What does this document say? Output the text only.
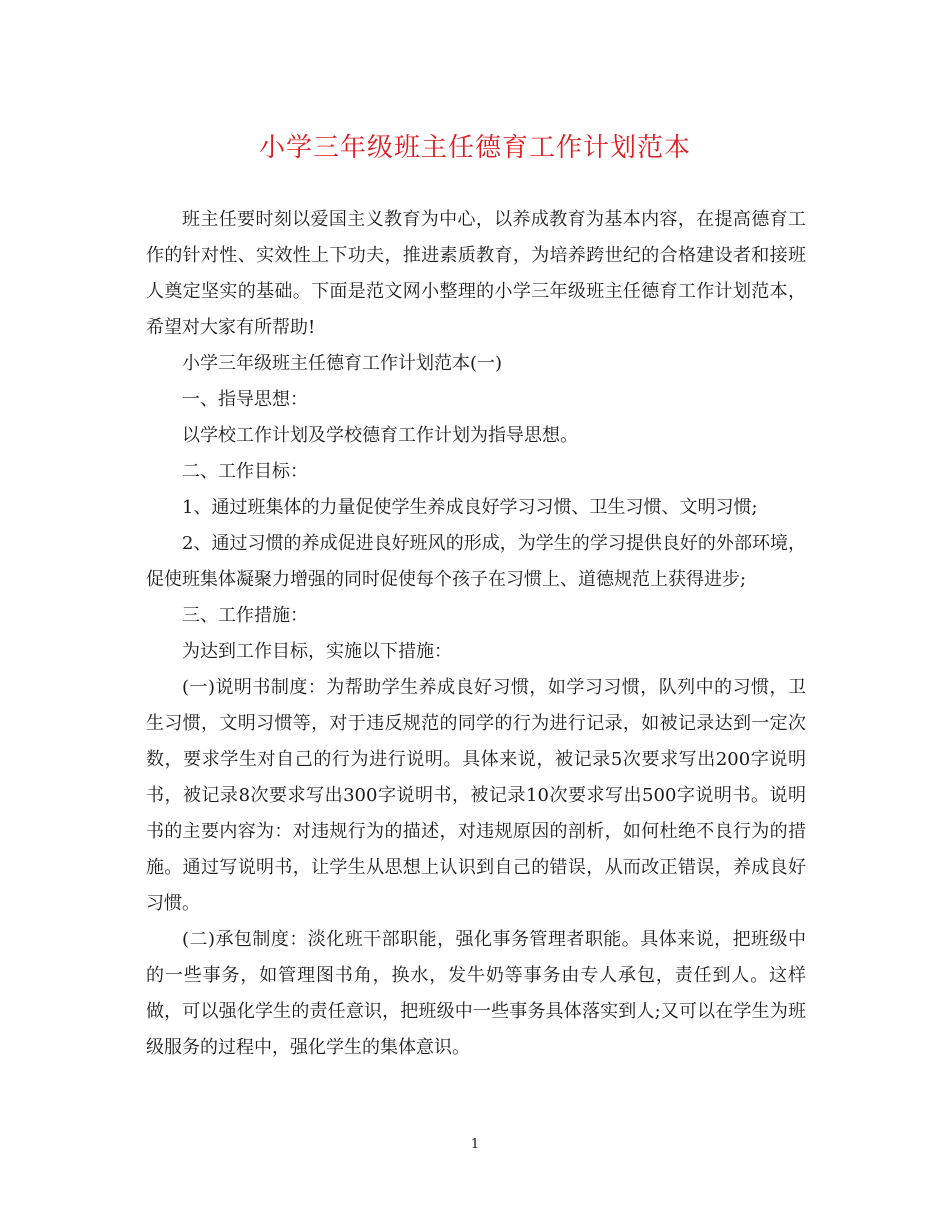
小学三年级班主任德育工作计划范本

班主任要时刻以爱国主义教育为中心，以养成教育为基本内容，在提高德育工作的针对性、实效性上下功夫，推进素质教育，为培养跨世纪的合格建设者和接班人奠定坚实的基础。下面是范文网小整理的小学三年级班主任德育工作计划范本，希望对大家有所帮助!

小学三年级班主任德育工作计划范本(一)

一、指导思想：

以学校工作计划及学校德育工作计划为指导思想。

二、工作目标：

1、通过班集体的力量促使学生养成良好学习习惯、卫生习惯、文明习惯;

2、通过习惯的养成促进良好班风的形成，为学生的学习提供良好的外部环境，促使班集体凝聚力增强的同时促使每个孩子在习惯上、道德规范上获得进步;

三、工作措施：

为达到工作目标，实施以下措施：

(一)说明书制度：为帮助学生养成良好习惯，如学习习惯，队列中的习惯，卫生习惯，文明习惯等，对于违反规范的同学的行为进行记录，如被记录达到一定次数，要求学生对自己的行为进行说明。具体来说，被记录5次要求写出200字说明书，被记录8次要求写出300字说明书，被记录10次要求写出500字说明书。说明书的主要内容为：对违规行为的描述，对违规原因的剖析，如何杜绝不良行为的措施。通过写说明书，让学生从思想上认识到自己的错误，从而改正错误，养成良好习惯。

(二)承包制度：淡化班干部职能，强化事务管理者职能。具体来说，把班级中的一些事务，如管理图书角，换水，发牛奶等事务由专人承包，责任到人。这样做，可以强化学生的责任意识，把班级中一些事务具体落实到人;又可以在学生为班级服务的过程中，强化学生的集体意识。

1
